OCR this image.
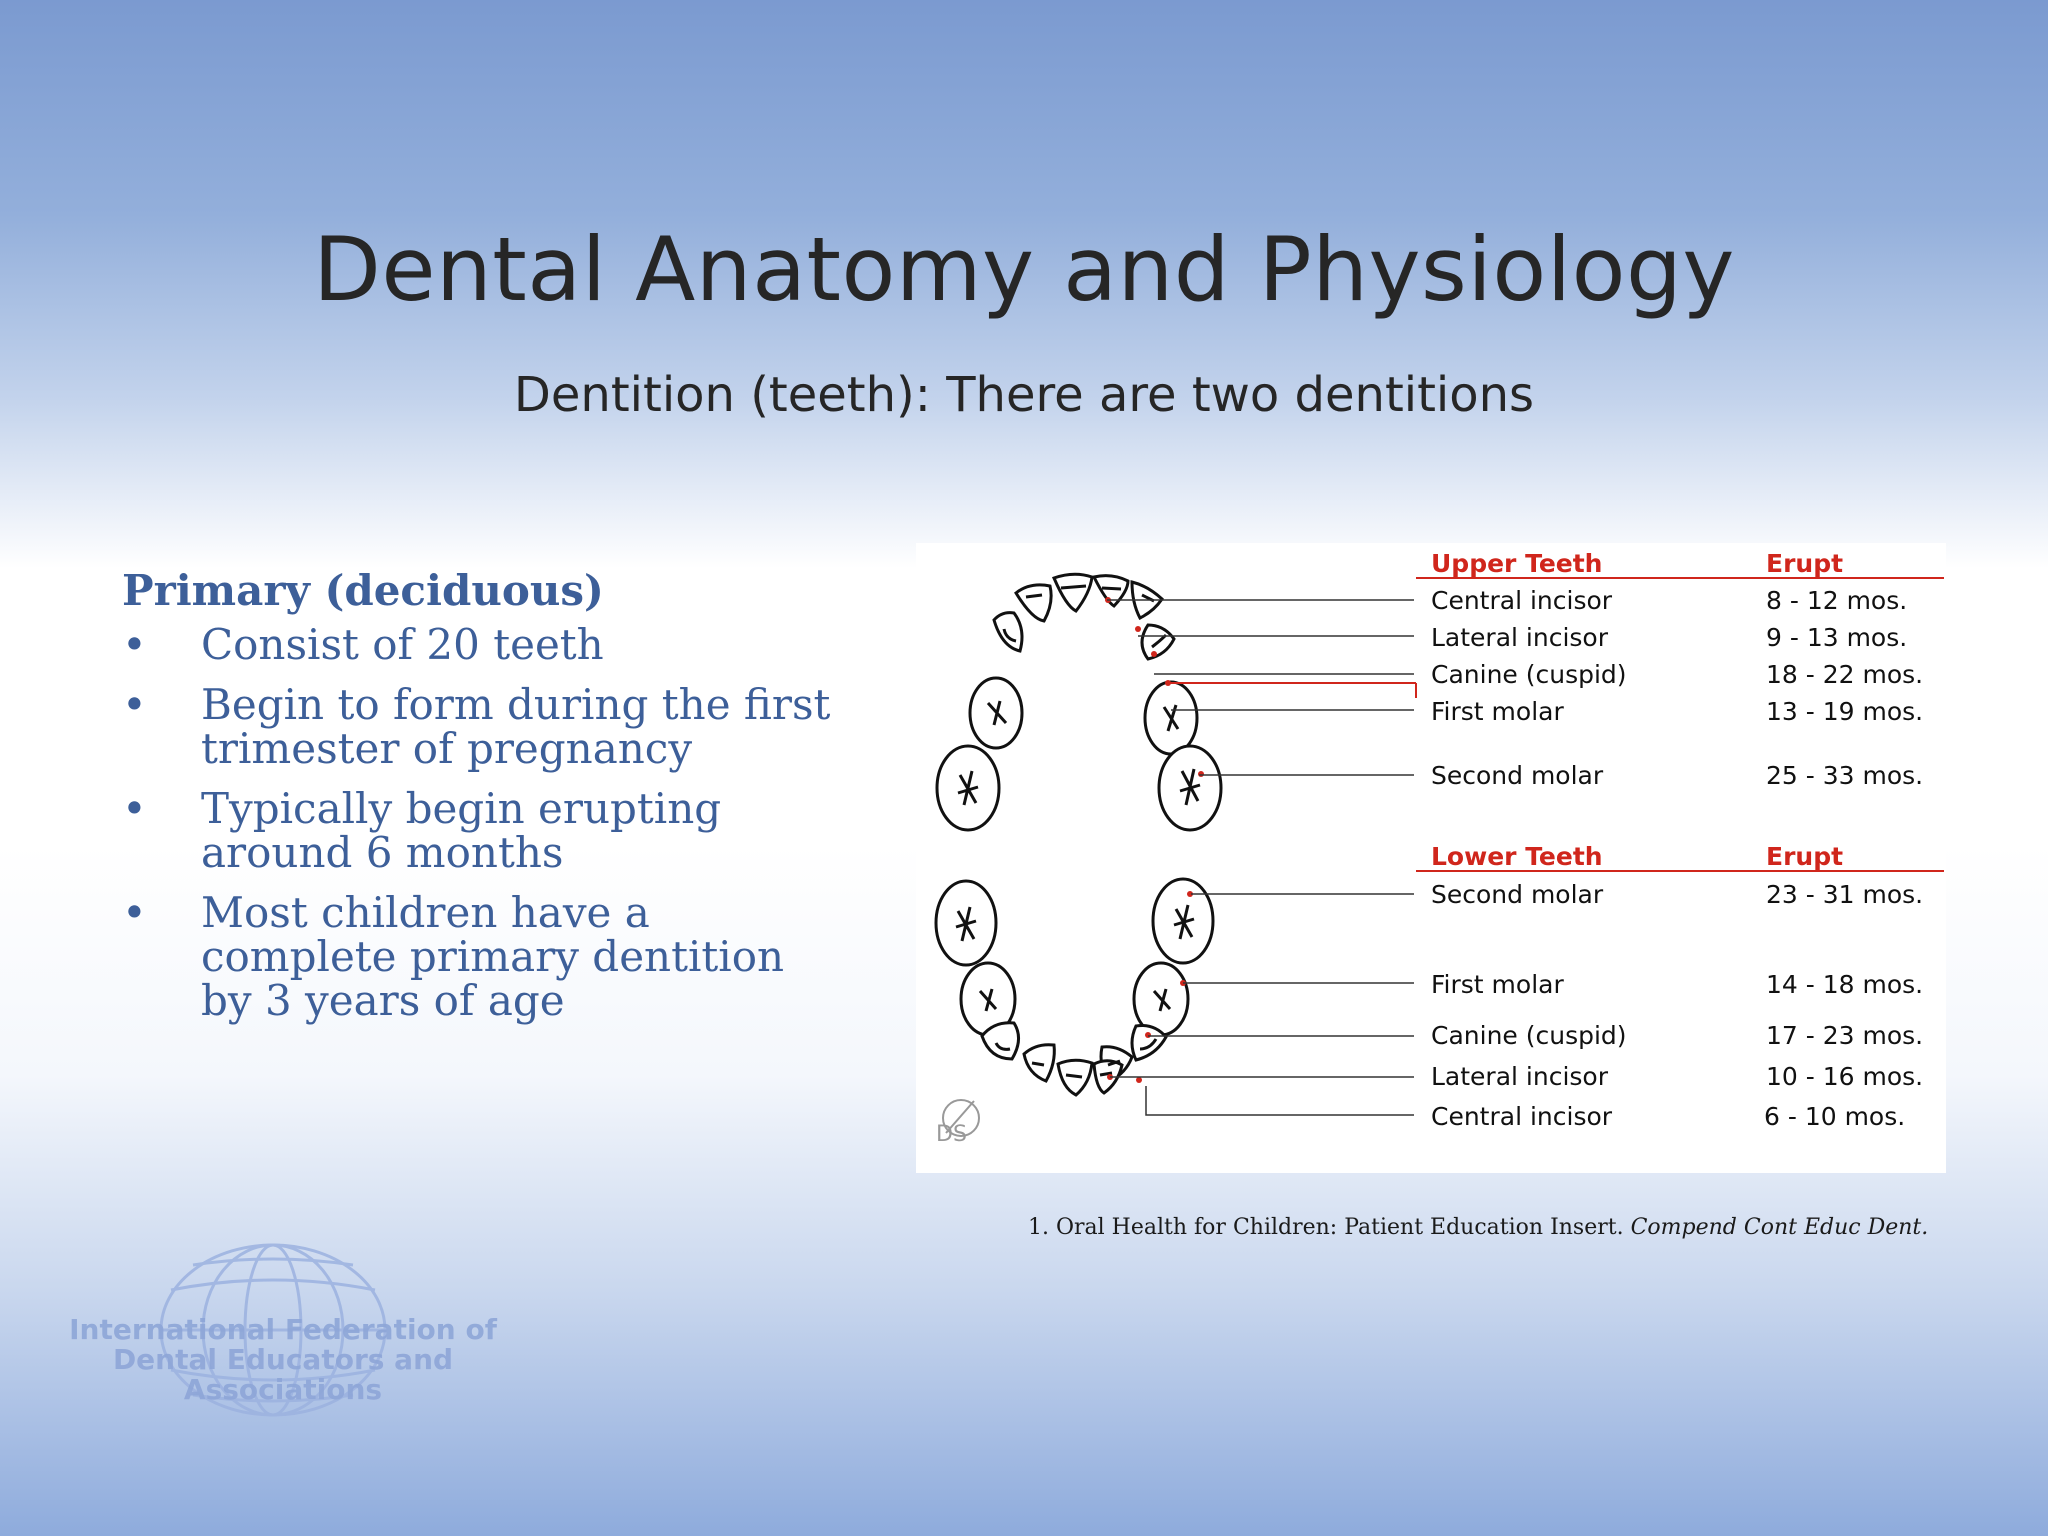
Dental Anatomy and Physiology
Dentition (teeth): There are two dentitions
Primary (deciduous)
• Consist of 20 teeth
• Begin to form during the first trimester of pregnancy
• Typically begin erupting around 6 months
• Most children have a complete primary dentition by 3 years of age
DS
Upper Teeth	Erupt
Central incisor	8 - 12 mos.
Lateral incisor	9 - 13 mos.
Canine (cuspid)	18 - 22 mos.
First molar	13 - 19 mos.
Second molar	25 - 33 mos.
Lower Teeth	Erupt
Second molar	23 - 31 mos.
First molar	14 - 18 mos.
Canine (cuspid)	17 - 23 mos.
Lateral incisor	10 - 16 mos.
Central incisor	6 - 10 mos.
1. Oral Health for Children: Patient Education Insert. Compend Cont Educ Dent.
International Federation of
Dental Educators and Associations
